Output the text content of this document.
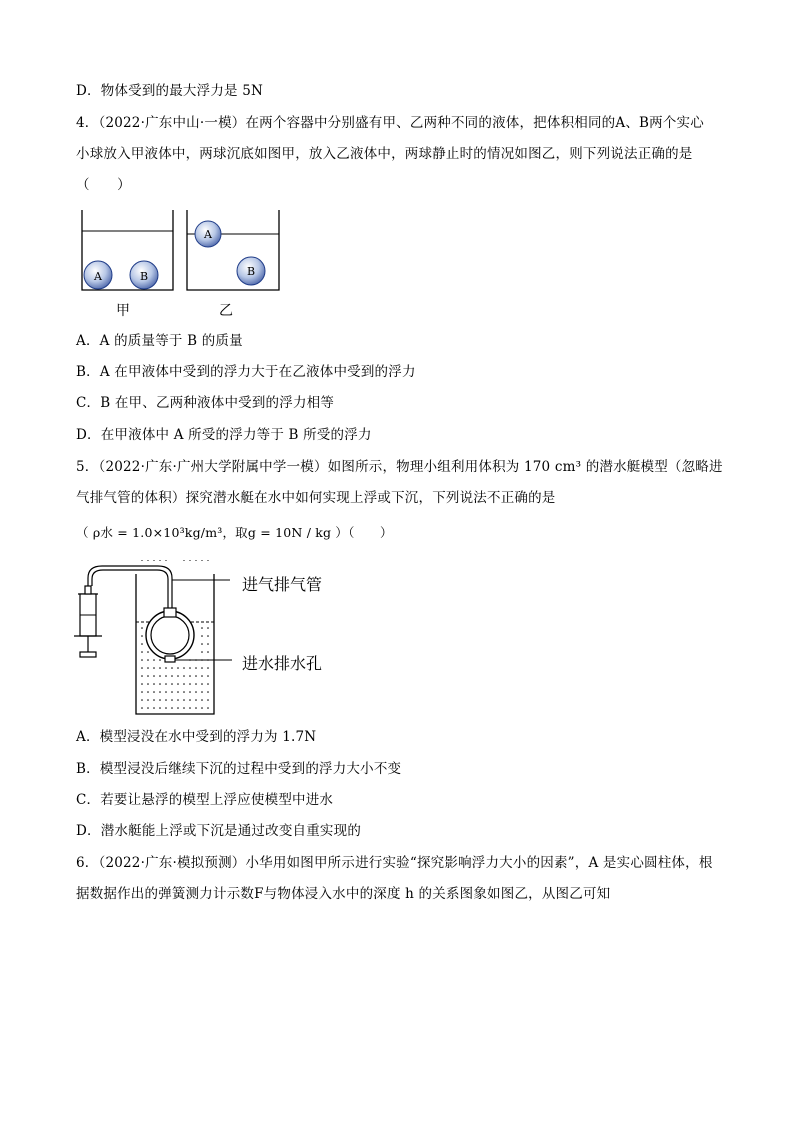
D．物体受到的最大浮力是 5N
4．（2022·广东中山·一模）在两个容器中分别盛有甲、乙两种不同的液体，把体积相同的A、B两个实心
小球放入甲液体中，两球沉底如图甲，放入乙液体中，两球静止时的情况如图乙，则下列说法正确的是
（　　）
A	B
A
B
甲	乙
A．A 的质量等于 B 的质量
B．A 在甲液体中受到的浮力大于在乙液体中受到的浮力
C．B 在甲、乙两种液体中受到的浮力相等
D．在甲液体中 A 所受的浮力等于 B 所受的浮力
5．（2022·广东·广州大学附属中学一模）如图所示，物理小组利用体积为 170 cm³ 的潜水艇模型（忽略进
气排气管的体积）探究潜水艇在水中如何实现上浮或下沉，下列说法不正确的是
（ ρ水 = 1.0×10³kg/m³，取g = 10N / kg ）（　　）
进气排气管
进水排水孔
A．模型浸没在水中受到的浮力为 1.7N
B．模型浸没后继续下沉的过程中受到的浮力大小不变
C．若要让悬浮的模型上浮应使模型中进水
D．潜水艇能上浮或下沉是通过改变自重实现的
6．（2022·广东·模拟预测）小华用如图甲所示进行实验“探究影响浮力大小的因素”，A 是实心圆柱体，根
据数据作出的弹簧测力计示数F与物体浸入水中的深度 h 的关系图象如图乙，从图乙可知
